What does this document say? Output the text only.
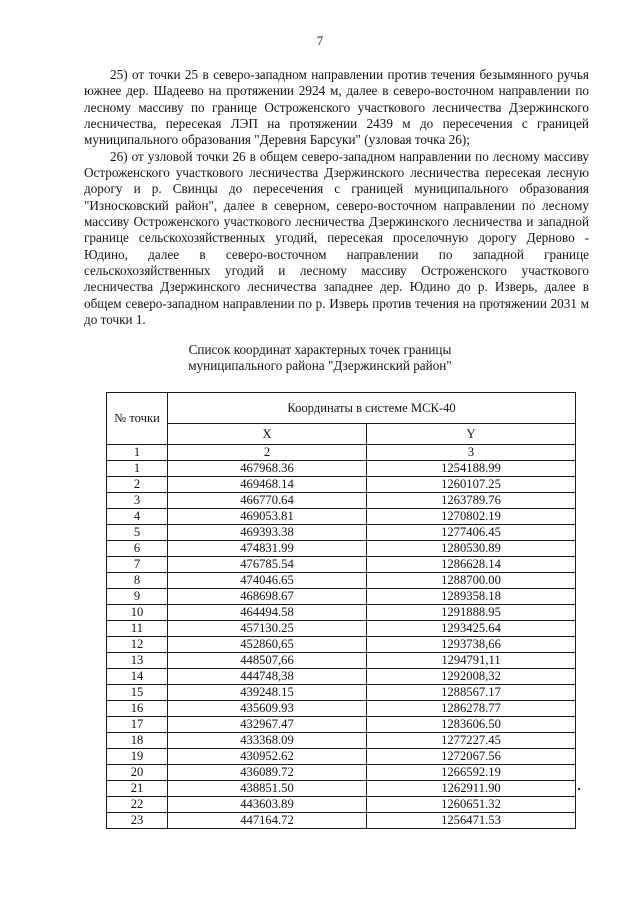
7

25) от точки 25 в северо-западном направлении против течения безымянного ручья южнее дер. Шадеево на протяжении 2924 м, далее в северо-восточном направлении по лесному массиву по границе Остроженского участкового лесничества Дзержинского лесничества, пересекая ЛЭП на протяжении 2439 м до пересечения с границей муниципального образования "Деревня Барсуки" (узловая точка 26);

26) от узловой точки 26 в общем северо-западном направлении по лесному массиву Остроженского участкового лесничества Дзержинского лесничества пересекая лесную дорогу и р. Свинцы до пересечения с границей муниципального образования "Износковский район", далее в северном, северо-восточном направлении по лесному массиву Остроженского участкового лесничества Дзержинского лесничества и западной границе сельскохозяйственных угодий, пересекая проселочную дорогу Дерново - Юдино, далее в северо-восточном направлении по западной границе сельскохозяйственных угодий и лесному массиву Остроженского участкового лесничества Дзержинского лесничества западнее дер. Юдино до р. Изверь, далее в общем северо-западном направлении по р. Изверь против течения на протяжении 2031 м до точки 1.

Список координат характерных точек границы
муниципального района "Дзержинский район"
№ точки	Координаты в системе МСК-40	
	X	Y
1	2	3
1	467968.36	1254188.99
2	469468.14	1260107.25
3	466770.64	1263789.76
4	469053.81	1270802.19
5	469393.38	1277406.45
6	474831.99	1280530.89
7	476785.54	1286628.14
8	474046.65	1288700.00
9	468698.67	1289358.18
10	464494.58	1291888.95
11	457130.25	1293425.64
12	452860,65	1293738,66
13	448507,66	1294791,11
14	444748,38	1292008,32
15	439248.15	1288567.17
16	435609.93	1286278.77
17	432967.47	1283606.50
18	433368.09	1277227.45
19	430952.62	1272067.56
20	436089.72	1266592.19
21	438851.50	1262911.90
22	443603.89	1260651.32
23	447164.72	1256471.53
